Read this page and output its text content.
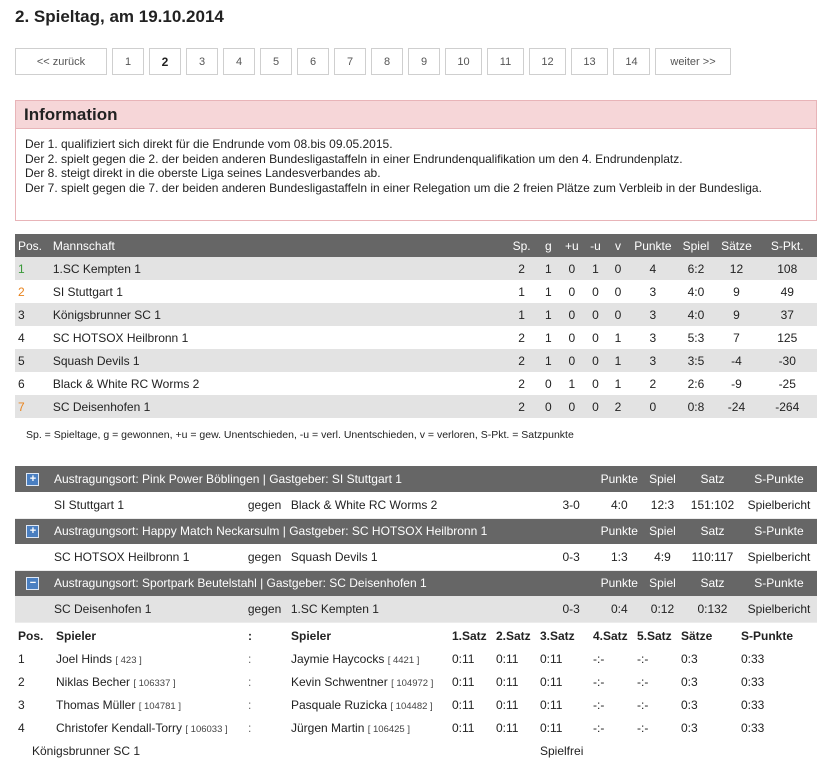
2. Spieltag, am 19.10.2014
<< zurück	1	2	3	4	5	6	7	8	9	10	11	12	13	14	weiter >>
Information
Der 1. qualifiziert sich direkt für die Endrunde vom 08.bis 09.05.2015.
Der 2. spielt gegen die 2. der beiden anderen Bundesligastaffeln in einer Endrundenqualifikation um den 4. Endrundenplatz.
Der 8. steigt direkt in die oberste Liga seines Landesverbandes ab.
Der 7. spielt gegen die 7. der beiden anderen Bundesligastaffeln in einer Relegation um die 2 freien Plätze zum Verbleib in der Bundesliga.
Pos.	Mannschaft	Sp.	g	+u	-u	v	Punkte	Spiel	Sätze	S-Pkt.
1	1.SC Kempten 1	2	1	0	1	0	4	6:2	12	108
2	SI Stuttgart 1	1	1	0	0	0	3	4:0	9	49
3	Königsbrunner SC 1	1	1	0	0	0	3	4:0	9	37
4	SC HOTSOX Heilbronn 1	2	1	0	0	1	3	5:3	7	125
5	Squash Devils 1	2	1	0	0	1	3	3:5	-4	-30
6	Black & White RC Worms 2	2	0	1	0	1	2	2:6	-9	-25
7	SC Deisenhofen 1	2	0	0	0	2	0	0:8	-24	-264
Sp. = Spieltage, g = gewonnen, +u = gew. Unentschieden, -u = verl. Unentschieden, v = verloren, S-Pkt. = Satzpunkte
+	Austragungsort: Pink Power Böblingen | Gastgeber: SI Stuttgart 1				Punkte	Spiel	Satz	S-Punkte
	SI Stuttgart 1	gegen	Black & White RC Worms 2	3-0	4:0	12:3	151:102	Spielbericht
+	Austragungsort: Happy Match Neckarsulm | Gastgeber: SC HOTSOX Heilbronn 1				Punkte	Spiel	Satz	S-Punkte
	SC HOTSOX Heilbronn 1	gegen	Squash Devils 1	0-3	1:3	4:9	110:117	Spielbericht
−	Austragungsort: Sportpark Beutelstahl | Gastgeber: SC Deisenhofen 1				Punkte	Spiel	Satz	S-Punkte
	SC Deisenhofen 1	gegen	1.SC Kempten 1	0-3	0:4	0:12	0:132	Spielbericht
Pos.	Spieler	:	Spieler	1.Satz	2.Satz	3.Satz	4.Satz	5.Satz	Sätze	S-Punkte
1	Joel Hinds [ 423 ]	:	Jaymie Haycocks [ 4421 ]	0:11	0:11	0:11	-:-	-:-	0:3	0:33
2	Niklas Becher [ 106337 ]	:	Kevin Schwentner [ 104972 ]	0:11	0:11	0:11	-:-	-:-	0:3	0:33
3	Thomas Müller [ 104781 ]	:	Pasquale Ruzicka [ 104482 ]	0:11	0:11	0:11	-:-	-:-	0:3	0:33
4	Christofer Kendall-Torry [ 106033 ]	:	Jürgen Martin [ 106425 ]	0:11	0:11	0:11	-:-	-:-	0:3	0:33
Königsbrunner SC 1						Spielfrei				
